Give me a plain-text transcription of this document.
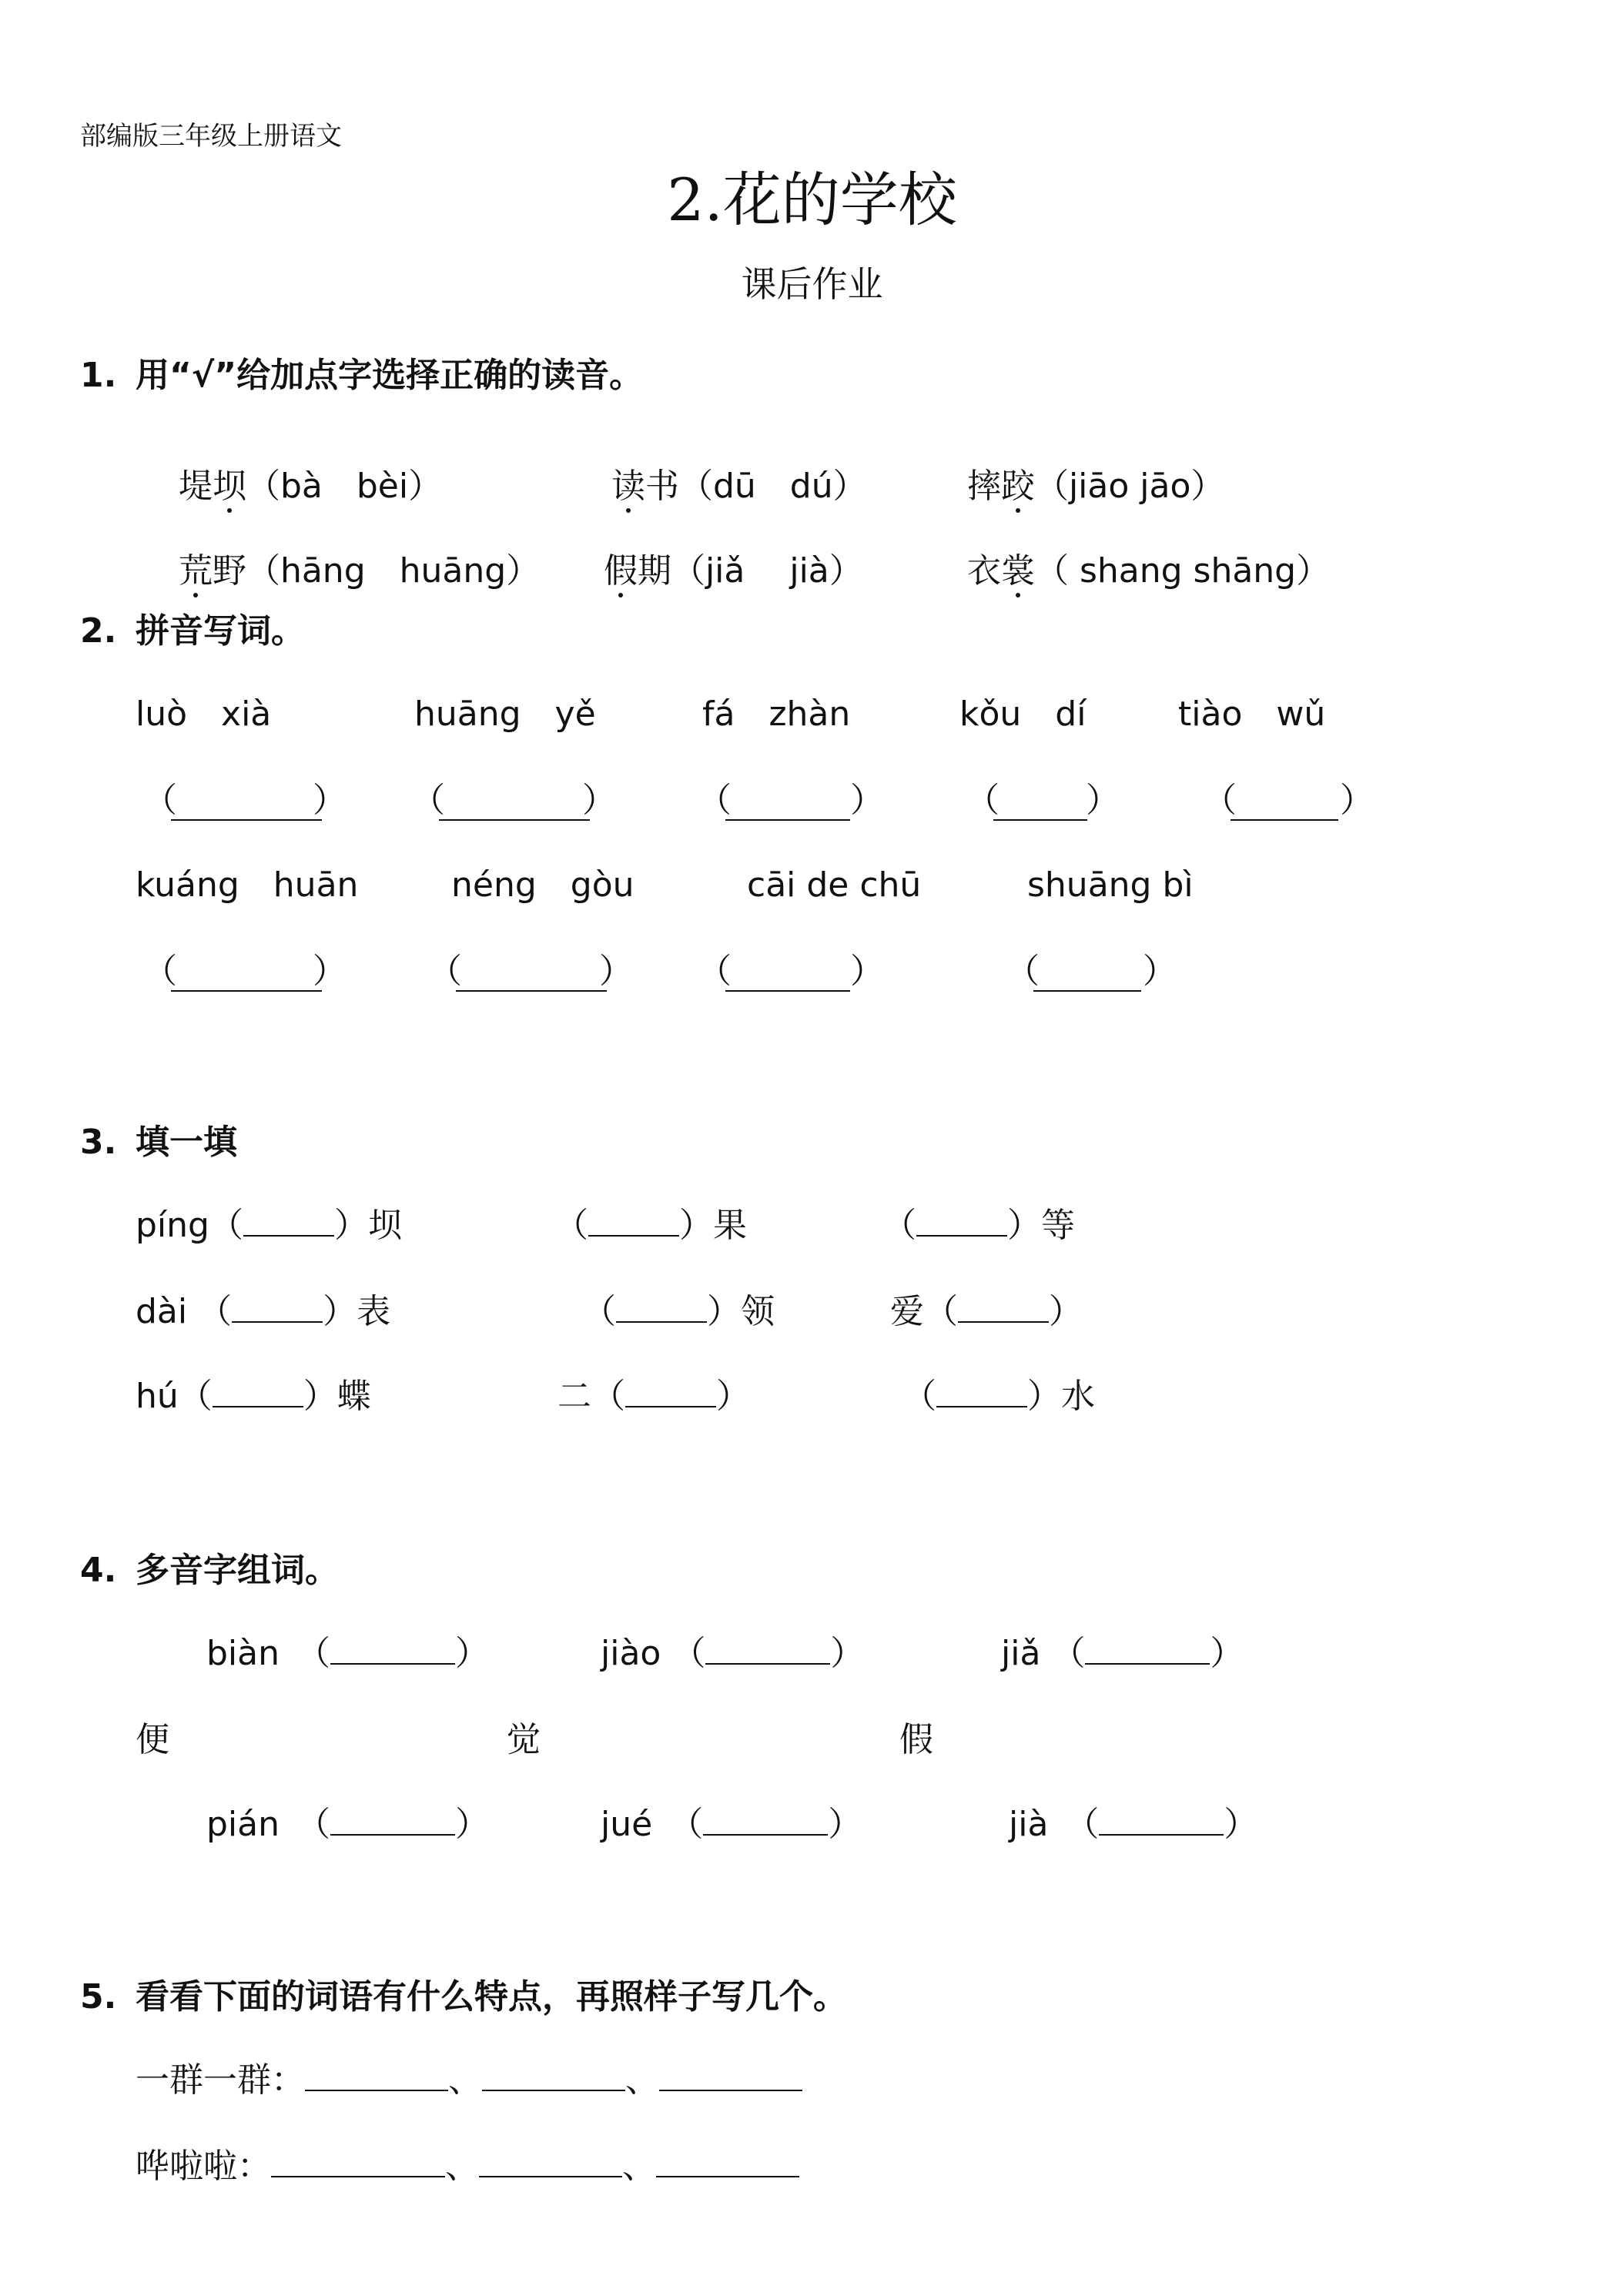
部编版三年级上册语文
2.花的学校
课后作业
1. 用“√”给加点字选择正确的读音。

堤坝（bà　bèi）
	读书（dū　dú）
	摔跤（jiāo jāo）

荒野（hāng　huāng）
	假期（jiǎ　 jià）
	衣裳（ shang shāng）

2. 拼音写词。
luò　xià	huāng　yě	fá　zhàn	kǒu　dí	tiào　wǔ
（	） （	） （	） （	） （	）
kuáng　huān	néng　gòu	cāi de chū	shuāng bì
（	） （	） （	）	（	）
3. 填一填
píng（	）坝	（	）果	（	）等
dài （	）表	（	）领	爱（	）
hú（	）蝶	二（	）	（	）水
4. 多音字组词。
biàn　（	）	jiào （	）	jiǎ （	）
便	觉	假
pián　（	）	jué　（	）	jià　（	）
5. 看看下面的词语有什么特点，再照样子写几个。
一群一群：	、	、
哗啦啦：	、	、
